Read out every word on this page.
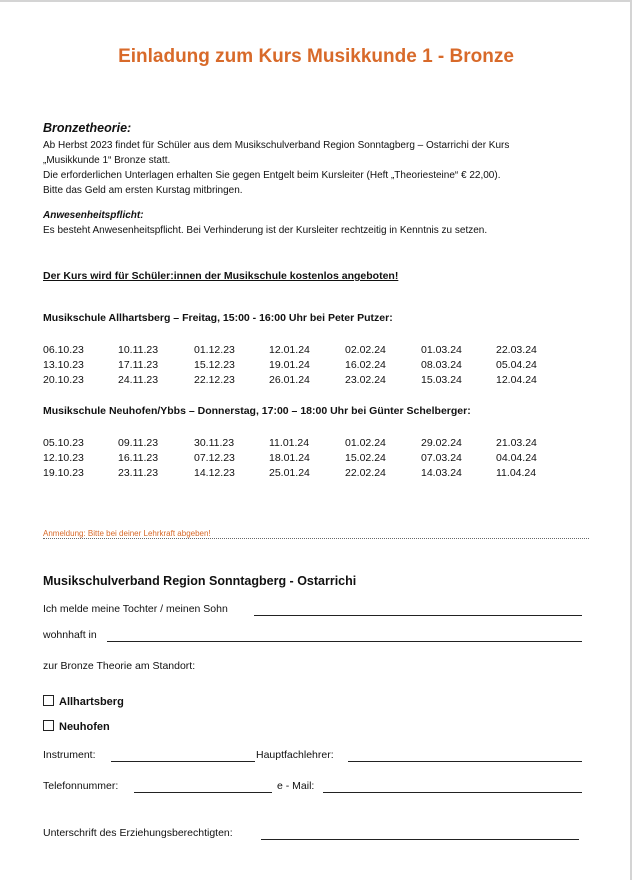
Einladung zum Kurs Musikkunde 1 - Bronze
Bronzetheorie:
Ab Herbst 2023 findet für Schüler aus dem Musikschulverband Region Sonntagberg – Ostarrichi der Kurs
„Musikkunde 1“ Bronze statt.
Die erforderlichen Unterlagen erhalten Sie gegen Entgelt beim Kursleiter (Heft „Theoriesteine“ € 22,00).
Bitte das Geld am ersten Kurstag mitbringen.
Anwesenheitspflicht:
Es besteht Anwesenheitspflicht. Bei Verhinderung ist der Kursleiter rechtzeitig in Kenntnis zu setzen.
Der Kurs wird für Schüler:innen der Musikschule kostenlos angeboten!
Musikschule Allhartsberg – Freitag, 15:00 - 16:00 Uhr bei Peter Putzer:
06.10.23	10.11.23	01.12.23	12.01.24	02.02.24	01.03.24	22.03.24
13.10.23	17.11.23	15.12.23	19.01.24	16.02.24	08.03.24	05.04.24
20.10.23	24.11.23	22.12.23	26.01.24	23.02.24	15.03.24	12.04.24
Musikschule Neuhofen/Ybbs – Donnerstag, 17:00 – 18:00 Uhr bei Günter Schelberger:
05.10.23	09.11.23	30.11.23	11.01.24	01.02.24	29.02.24	21.03.24
12.10.23	16.11.23	07.12.23	18.01.24	15.02.24	07.03.24	04.04.24
19.10.23	23.11.23	14.12.23	25.01.24	22.02.24	14.03.24	11.04.24
Anmeldung: Bitte bei deiner Lehrkraft abgeben!
Musikschulverband Region Sonntagberg - Ostarrichi
Ich melde meine Tochter / meinen Sohn
wohnhaft in
zur Bronze Theorie am Standort:
Allhartsberg
Neuhofen
Instrument:	Hauptfachlehrer:
Telefonnummer:	e - Mail:
Unterschrift des Erziehungsberechtigten:
